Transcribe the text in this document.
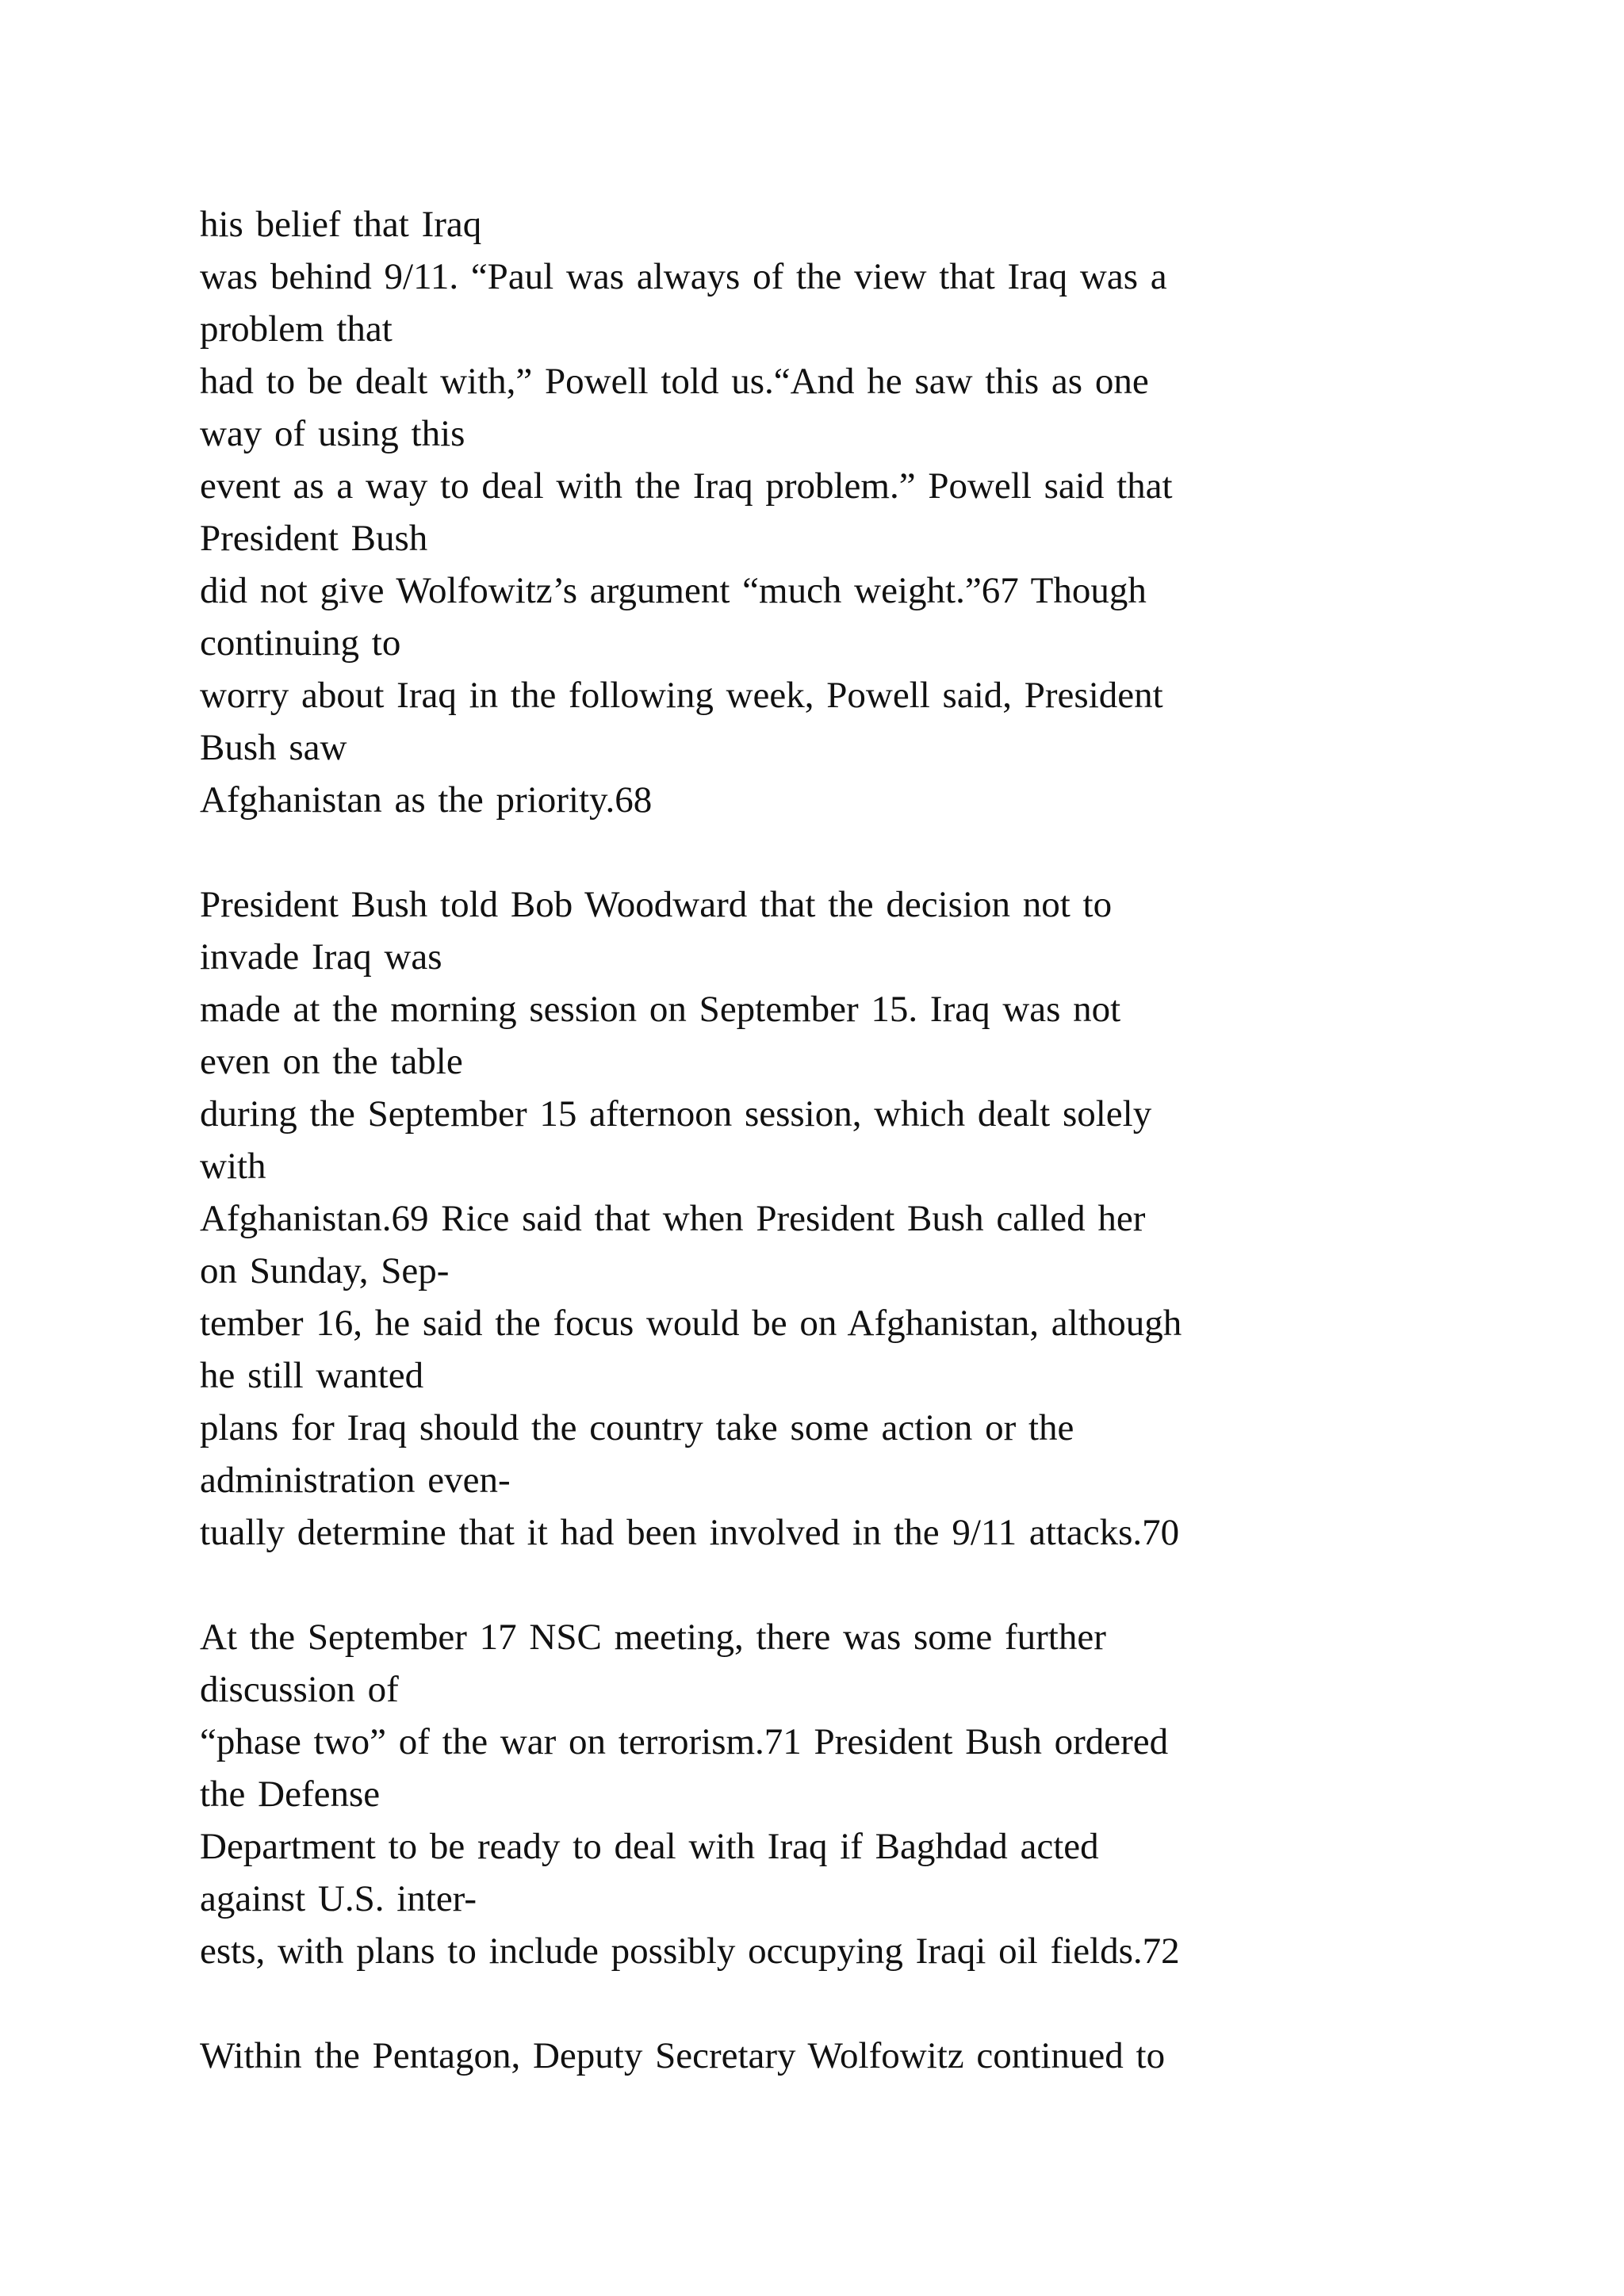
his belief that Iraq
was behind 9/11. “Paul was always of the view that Iraq was a
problem that
had to be dealt with,” Powell told us.“And he saw this as one
way of using this
event as a way to deal with the Iraq problem.” Powell said that
President Bush
did not give Wolfowitz’s argument “much weight.”67 Though
continuing to
worry about Iraq in the following week, Powell said, President
Bush saw
Afghanistan as the priority.68
President Bush told Bob Woodward that the decision not to
invade Iraq was
made at the morning session on September 15. Iraq was not
even on the table
during the September 15 afternoon session, which dealt solely
with
Afghanistan.69 Rice said that when President Bush called her
on Sunday, Sep-
tember 16, he said the focus would be on Afghanistan, although
he still wanted
plans for Iraq should the country take some action or the
administration even-
tually determine that it had been involved in the 9/11 attacks.70
At the September 17 NSC meeting, there was some further
discussion of
“phase two” of the war on terrorism.71 President Bush ordered
the Defense
Department to be ready to deal with Iraq if Baghdad acted
against U.S. inter-
ests, with plans to include possibly occupying Iraqi oil fields.72
Within the Pentagon, Deputy Secretary Wolfowitz continued to
